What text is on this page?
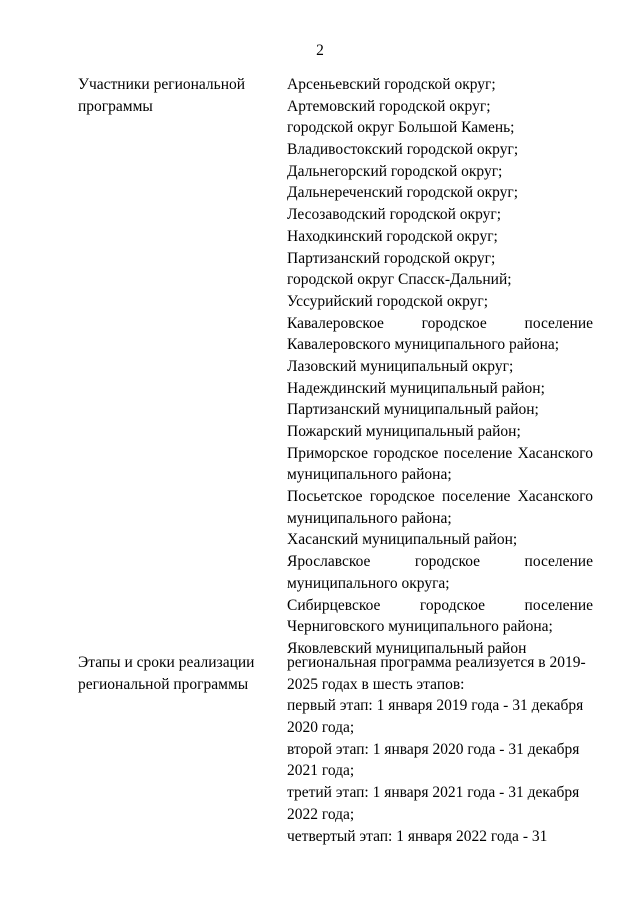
2
Участники региональной
программы
Арсеньевский городской округ;
Артемовский городской округ;
городской округ Большой Камень;
Владивостокский городской округ;
Дальнегорский городской округ;
Дальнереченский городской округ;
Лесозаводский городской округ;
Находкинский городской округ;
Партизанский городской округ;
городской округ Спасск-Дальний;
Уссурийский городской округ;
Кавалеровское городское поселение
Кавалеровского муниципального района;
Лазовский муниципальный округ;
Надеждинский муниципальный район;
Партизанский муниципальный район;
Пожарский муниципальный район;
Приморское городское поселение Хасанского
муниципального района;
Посьетское городское поселение Хасанского
муниципального района;
Хасанский муниципальный район;
Ярославское городское поселение
муниципального округа;
Сибирцевское городское поселение
Черниговского муниципального района;
Яковлевский муниципальный район
Этапы и сроки реализации
региональной программы
региональная программа реализуется в 2019-
2025 годах в шесть этапов:
первый этап: 1 января 2019 года - 31 декабря
2020 года;
второй этап: 1 января 2020 года - 31 декабря
2021 года;
третий этап: 1 января 2021 года - 31 декабря
2022 года;
четвертый этап: 1 января 2022 года - 31
